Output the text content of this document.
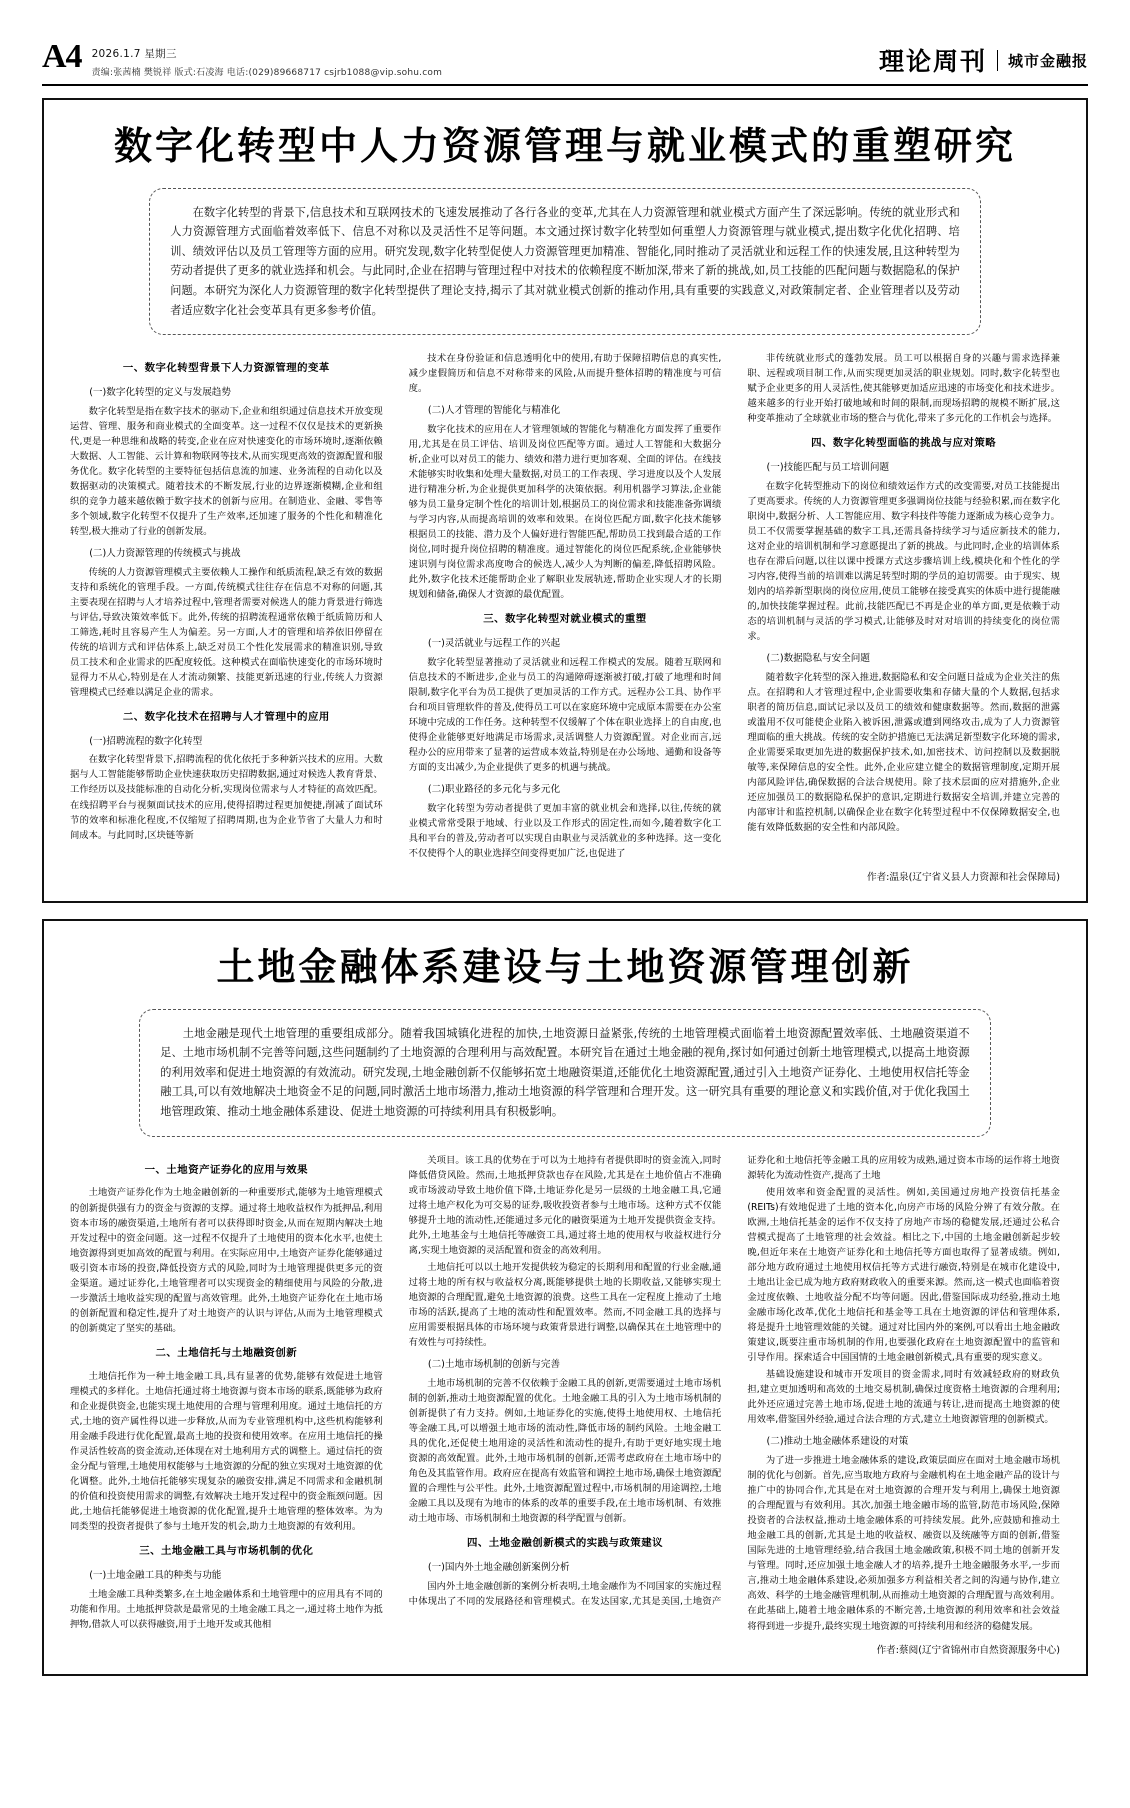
A4 2026.1.7 星期三
责编:张茜楠 樊锐祥 版式:石凌海 电话:(029)89668717 csjrb1088@vip.sohu.com	理论周刊	城市金融报
数字化转型中人力资源管理与就业模式的重塑研究
在数字化转型的背景下,信息技术和互联网技术的飞速发展推动了各行各业的变革,尤其在人力资源管理和就业模式方面产生了深远影响。传统的就业形式和人力资源管理方式面临着效率低下、信息不对称以及灵活性不足等问题。本文通过探讨数字化转型如何重塑人力资源管理与就业模式,提出数字化优化招聘、培训、绩效评估以及员工管理等方面的应用。研究发现,数字化转型促使人力资源管理更加精准、智能化,同时推动了灵活就业和远程工作的快速发展,且这种转型为劳动者提供了更多的就业选择和机会。与此同时,企业在招聘与管理过程中对技术的依赖程度不断加深,带来了新的挑战,如,员工技能的匹配问题与数据隐私的保护问题。本研究为深化人力资源管理的数字化转型提供了理论支持,揭示了其对就业模式创新的推动作用,具有重要的实践意义,对政策制定者、企业管理者以及劳动者适应数字化社会变革具有更多参考价值。
一、数字化转型背景下人力资源管理的变革
(一)数字化转型的定义与发展趋势

数字化转型是指在数字技术的驱动下,企业和组织通过信息技术开放变现运营、管理、服务和商业模式的全面变革。这一过程不仅仅是技术的更新换代,更是一种思维和战略的转变,企业在应对快速变化的市场环境时,逐渐依赖大数据、人工智能、云计算和物联网等技术,从而实现更高效的资源配置和服务优化。数字化转型的主要特征包括信息流的加速、业务流程的自动化以及数据驱动的决策模式。随着技术的不断发展,行业的边界逐渐模糊,企业和组织的竞争力越来越依赖于数字技术的创新与应用。在制造业、金融、零售等多个领域,数字化转型不仅提升了生产效率,还加速了服务的个性化和精准化转型,极大推动了行业的创新发展。

(二)人力资源管理的传统模式与挑战

传统的人力资源管理模式主要依赖人工操作和纸质流程,缺乏有效的数据支持和系统化的管理手段。一方面,传统模式往往存在信息不对称的问题,其主要表现在招聘与人才培养过程中,管理者需要对候选人的能力背景进行筛选与评估,导致决策效率低下。此外,传统的招聘流程通常依赖于纸质简历和人工筛选,耗时且容易产生人为偏差。另一方面,人才的管理和培养依旧停留在传统的培训方式和评估体系上,缺乏对员工个性化发展需求的精准识别,导致员工技术和企业需求的匹配度较低。这种模式在面临快速变化的市场环境时显得力不从心,特别是在人才流动频繁、技能更新迅速的行业,传统人力资源管理模式已经难以满足企业的需求。

二、数字化技术在招聘与人才管理中的应用
(一)招聘流程的数字化转型

在数字化转型背景下,招聘流程的优化依托于多种新兴技术的应用。大数据与人工智能能够帮助企业快速获取历史招聘数据,通过对候选人教育背景、工作经历以及技能标准的自动化分析,实现岗位需求与人才特征的高效匹配。在线招聘平台与视频面试技术的应用,使得招聘过程更加便捷,削减了面试环节的效率和标准化程度,不仅缩短了招聘周期,也为企业节省了大量人力和时间成本。与此同时,区块链等新

技术在身份验证和信息透明化中的使用,有助于保障招聘信息的真实性,减少虚假简历和信息不对称带来的风险,从而提升整体招聘的精准度与可信度。

(二)人才管理的智能化与精准化

数字化技术的应用在人才管理领域的智能化与精准化方面发挥了重要作用,尤其是在员工评估、培训及岗位匹配等方面。通过人工智能和大数据分析,企业可以对员工的能力、绩效和潜力进行更加客观、全面的评估。在线技术能够实时收集和处理大量数据,对员工的工作表现、学习进度以及个人发展进行精准分析,为企业提供更加科学的决策依据。利用机器学习算法,企业能够为员工量身定制个性化的培训计划,根据员工的岗位需求和技能准备弥调绩与学习内容,从而提高培训的效率和效果。在岗位匹配方面,数字化技术能够根据员工的技能、潜力及个人偏好进行智能匹配,帮助员工找到最合适的工作岗位,同时提升岗位招聘的精准度。通过智能化的岗位匹配系统,企业能够快速识别与岗位需求高度吻合的候选人,减少人为判断的偏差,降低招聘风险。此外,数字化技术还能帮助企业了解职业发展轨迹,帮助企业实现人才的长期规划和储备,确保人才资源的最优配置。

三、数字化转型对就业模式的重塑
(一)灵活就业与远程工作的兴起

数字化转型显著推动了灵活就业和远程工作模式的发展。随着互联网和信息技术的不断进步,企业与员工的沟通障碍逐渐被打破,打破了地理和时间限制,数字化平台为员工提供了更加灵活的工作方式。远程办公工具、协作平台和项目管理软件的普及,使得员工可以在家庭环境中完成原本需要在办公室环境中完成的工作任务。这种转型不仅缓解了个体在职业选择上的自由度,也使得企业能够更好地满足市场需求,灵活调整人力资源配置。对企业而言,远程办公的应用带来了显著的运营成本效益,特别是在办公场地、通勤和设备等方面的支出减少,为企业提供了更多的机遇与挑战。

(二)职业路径的多元化与多元化

数字化转型为劳动者提供了更加丰富的就业机会和选择,以往,传统的就业模式常常受限于地域、行业以及工作形式的固定性,而如今,随着数字化工具和平台的普及,劳动者可以实现自由职业与灵活就业的多种选择。这一变化不仅使得个人的职业选择空间变得更加广泛,也促进了

非传统就业形式的蓬勃发展。员工可以根据自身的兴趣与需求选择兼职、远程或项目制工作,从而实现更加灵活的职业规划。同时,数字化转型也赋予企业更多的用人灵活性,使其能够更加适应迅速的市场变化和技术进步。越来越多的行业开始打破地域和时间的限制,而现场招聘的规模不断扩展,这种变革推动了全球就业市场的整合与优化,带来了多元化的工作机会与选择。

四、数字化转型面临的挑战与应对策略
(一)技能匹配与员工培训问题

在数字化转型推动下的岗位和绩效运作方式的改变需要,对员工技能提出了更高要求。传统的人力资源管理更多强调岗位技能与经验积累,而在数字化职岗中,数据分析、人工智能应用、数字科技件等能力逐渐成为核心竞争力。员工不仅需要掌握基础的数字工具,还需具备持续学习与适应新技术的能力,这对企业的培训机制和学习意愿提出了新的挑战。与此同时,企业的培训体系也存在滞后问题,以往以课中授课方式这步骤培训上线,模块化和个性化的学习内容,使得当前的培训难以满足转型时期的学员的迫切需要。由于现实、规划内的培养新型职岗的岗位应用,使员工能够在接受真实的体质中进行提能融的,加快技能掌握过程。此前,技能匹配已不再是企业的单方面,更是依赖于动态的培训机制与灵活的学习模式,让能够及时对对培训的持续变化的岗位需求。

(二)数据隐私与安全问题

随着数字化转型的深入推进,数据隐私和安全问题日益成为企业关注的焦点。在招聘和人才管理过程中,企业需要收集和存储大量的个人数据,包括求职者的简历信息,面试记录以及员工的绩效和健康数据等。然而,数据的泄露或滥用不仅可能使企业陷入被诉困,泄露或遭到网络攻击,成为了人力资源管理面临的重大挑战。传统的安全防护措施已无法满足新型数字化环境的需求,企业需要采取更加先进的数据保护技术,如,加密技术、访问控制以及数据脱敏等,来保障信息的安全性。此外,企业应建立健全的数据管理制度,定期开展内部风险评估,确保数据的合法合规使用。除了技术层面的应对措施外,企业还应加强员工的数据隐私保护的意识,定期进行数据安全培训,并建立完善的内部审计和监控机制,以确保企业在数字化转型过程中不仅保障数据安全,也能有效降低数据的安全性和内部风险。

作者:温泉(辽宁省义县人力资源和社会保障局)
土地金融体系建设与土地资源管理创新
土地金融是现代土地管理的重要组成部分。随着我国城镇化进程的加快,土地资源日益紧张,传统的土地管理模式面临着土地资源配置效率低、土地融资渠道不足、土地市场机制不完善等问题,这些问题制约了土地资源的合理利用与高效配置。本研究旨在通过土地金融的视角,探讨如何通过创新土地管理模式,以提高土地资源的利用效率和促进土地资源的有效流动。研究发现,土地金融创新不仅能够拓宽土地融资渠道,还能优化土地资源配置,通过引入土地资产证券化、土地使用权信托等金融工具,可以有效地解决土地资金不足的问题,同时激活土地市场潜力,推动土地资源的科学管理和合理开发。这一研究具有重要的理论意义和实践价值,对于优化我国土地管理政策、推动土地金融体系建设、促进土地资源的可持续利用具有积极影响。
一、土地资产证券化的应用与效果

土地资产证券化作为土地金融创新的一种重要形式,能够为土地管理模式的创新提供强有力的资金与资源的支撑。通过将土地收益权作为抵押品,利用资本市场的融资渠道,土地所有者可以获得即时资金,从而在短期内解决土地开发过程中的资金问题。这一过程不仅提升了土地使用的资本化水平,也使土地资源得到更加高效的配置与利用。在实际应用中,土地资产证券化能够通过吸引资本市场的投资,降低投资方式的风险,同时为土地管理提供更多元的资金渠道。通过证券化,土地管理者可以实现资金的精细使用与风险的分散,进一步激活土地收益实现的配置与高效管理。此外,土地资产证券化在土地市场的创新配置和稳定性,提升了对土地资产的认识与评估,从而为土地管理模式的创新奠定了坚实的基础。

二、土地信托与土地融资创新

土地信托作为一种土地金融工具,具有显著的优势,能够有效促进土地管理模式的多样化。土地信托通过将土地资源与资本市场的联系,既能够为政府和企业提供资金,也能实现土地使用的合理与管理利用度。通过土地信托的方式,土地的资产属性得以进一步释放,从而为专业管理机构中,这些机构能够利用金融手段进行优化配置,最高土地的投资和使用效率。在应用土地信托的操作灵活性较高的资金流动,还体现在对土地利用方式的调整上。通过信托的资金分配与管理,土地使用权能够与土地资源的分配的独立实现对土地资源的优化调整。此外,土地信托能够实现复杂的融资安排,满足不同需求和金融机制的价值和投资使用需求的调整,有效解决土地开发过程中的资金瓶颈问题。因此,土地信托能够促进土地资源的优化配置,提升土地管理的整体效率。为为同类型的投资者提供了参与土地开发的机会,助力土地资源的有效利用。

三、土地金融工具与市场机制的优化
(一)土地金融工具的种类与功能

土地金融工具种类繁多,在土地金融体系和土地管理中的应用具有不同的功能和作用。土地抵押贷款是最常见的土地金融工具之一,通过将土地作为抵押物,借款人可以获得融资,用于土地开发或其他相

关项目。该工具的优势在于可以为土地持有者提供即时的资金流入,同时降低借贷风险。然而,土地抵押贷款也存在风险,尤其是在土地价值占不准确或市场波动导致土地价值下降,土地证券化是另一层级的土地金融工具,它通过将土地产权化为可交易的证券,吸收投资者参与土地市场。这种方式不仅能够提升土地的流动性,还能通过多元化的融资渠道为土地开发提供资金支持。此外,土地基金与土地信托等融资工具,通过将土地的使用权与收益权进行分离,实现土地资源的灵活配置和资金的高效利用。

土地信托可以以土地开发提供较为稳定的长期利用和配置的行业金融,通过将土地的所有权与收益权分离,既能够提供土地的长期收益,又能够实现土地资源的合理配置,避免土地资源的浪费。这些工具在一定程度上推动了土地市场的活跃,提高了土地的流动性和配置效率。然而,不同金融工具的选择与应用需要根据具体的市场环境与政策背景进行调整,以确保其在土地管理中的有效性与可持续性。

(二)土地市场机制的创新与完善

土地市场机制的完善不仅依赖于金融工具的创新,更需要通过土地市场机制的创新,推动土地资源配置的优化。土地金融工具的引入为土地市场机制的创新提供了有力支持。例如,土地证券化的实施,使得土地使用权、土地信托等金融工具,可以增强土地市场的流动性,降低市场的制约风险。土地金融工具的优化,还促使土地用途的灵活性和流动性的提升,有助于更好地实现土地资源的高效配置。此外,土地市场机制的创新,还需考虑政府在土地市场中的角色及其监管作用。政府应在提高有效监管和调控土地市场,确保土地资源配置的合理性与公平性。此外,土地资源配置过程中,市场机制的用途调控,土地金融工具以及现有为地市的体系的改革的重要手段,在土地市场机制、有效推动土地市场、市场机制和土地资源的科学配置与创新。

四、土地金融创新模式的实践与政策建议
(一)国内外土地金融创新案例分析

国内外土地金融创新的案例分析表明,土地金融作为不同国家的实施过程中体现出了不同的发展路径和管理模式。在发达国家,尤其是美国,土地资产证券化和土地信托等金融工具的应用较为成熟,通过资本市场的运作将土地资源转化为流动性资产,提高了土地

使用效率和资金配置的灵活性。例如,美国通过房地产投资信托基金(REITs)有效地促进了土地的资本化,向房产市场的风险分辨了有效分散。在欧洲,土地信托基金的运作不仅支持了房地产市场的稳健发展,还通过公私合营模式提高了土地管理的社会效益。相比之下,中国的土地金融创新起步较晚,但近年来在土地资产证券化和土地信托等方面也取得了显著成绩。例如,部分地方政府通过土地使用权信托等方式进行融资,特别是在城市化建设中,土地出让金已成为地方政府财政收入的重要来源。然而,这一模式也面临着资金过度依赖、土地收益分配不均等问题。因此,借鉴国际成功经验,推动土地金融市场化改革,优化土地信托和基金等工具在土地资源的评估和管理体系,将是提升土地管理效能的关键。通过对比国内外的案例,可以看出土地金融政策建议,既要注重市场机制的作用,也要强化政府在土地资源配置中的监管和引导作用。探索适合中国国情的土地金融创新模式,具有重要的现实意义。

基础设施建设和城市开发项目的资金需求,同时有效减轻政府的财政负担,建立更加透明和高效的土地交易机制,确保过度资格土地资源的合理利用;此外还应通过完善土地市场,促进土地的流通与转让,进而提高土地资源的使用效率,借鉴国外经验,通过合法合理的方式,建立土地资源管理的创新模式。

(二)推动土地金融体系建设的对策

为了进一步推进土地金融体系的建设,政策层面应在面对土地金融市场机制的优化与创新。首先,应当取地方政府与金融机构在土地金融产品的设计与推广中的协同合作,尤其是在对土地资源的合理开发与利用上,确保土地资源的合理配置与有效利用。其次,加强土地金融市场的监管,防范市场风险,保障投资者的合法权益,推动土地金融体系的可持续发展。此外,应鼓励和推动土地金融工具的创新,尤其是土地的收益权、融资以及统融等方面的创新,借鉴国际先进的土地管理经验,结合我国土地金融政策,积极不同土地的创新开发与管理。同时,还应加强土地金融人才的培养,提升土地金融服务水平,一步而言,推动土地金融体系建设,必须加强多方利益相关者之间的沟通与协作,建立高效、科学的土地金融管理机制,从而推动土地资源的合理配置与高效利用。在此基础上,随着土地金融体系的不断完善,土地资源的利用效率和社会效益将得到进一步提升,最终实现土地资源的可持续利用和经济的稳健发展。

作者:蔡阅(辽宁省锦州市自然资源服务中心)
